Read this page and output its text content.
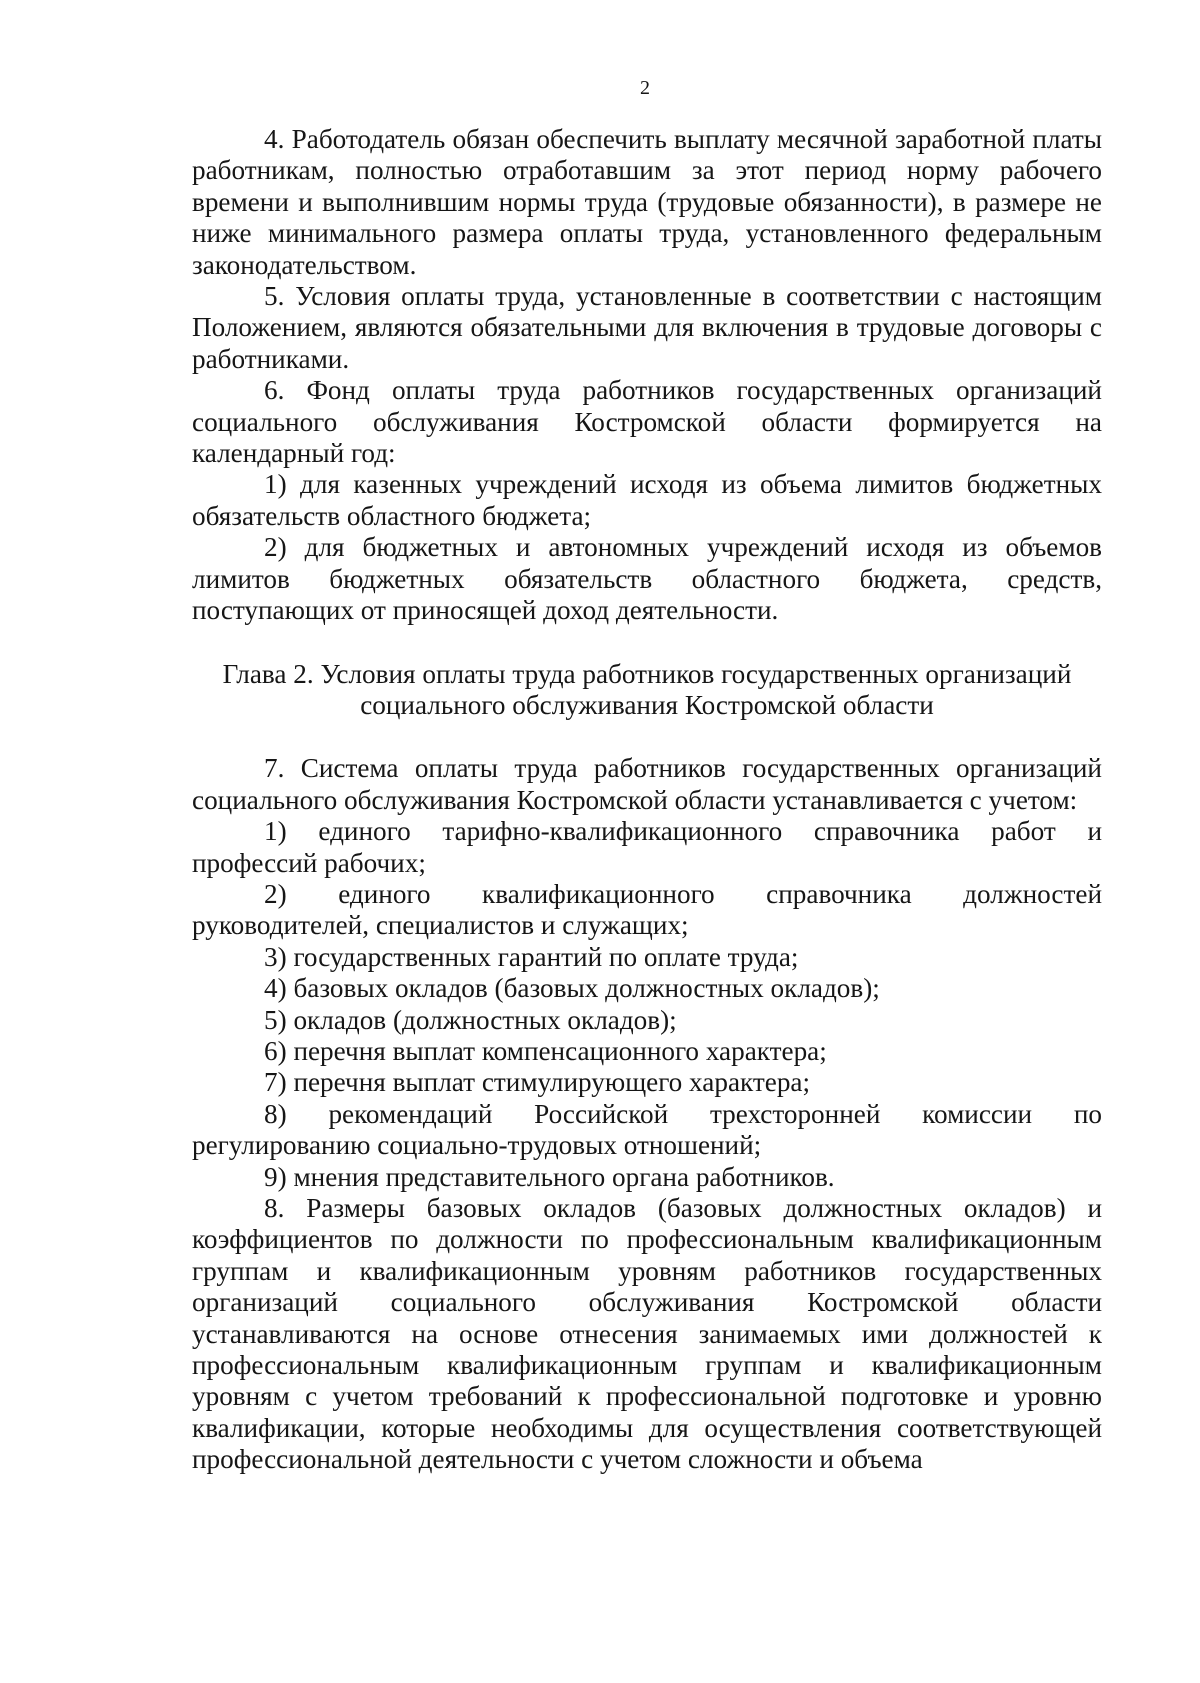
2

4. Работодатель обязан обеспечить выплату месячной заработной платы работникам, полностью отработавшим за этот период норму рабочего времени и выполнившим нормы труда (трудовые обязанности), в размере не ниже минимального размера оплаты труда, установленного федеральным законодательством.

5. Условия оплаты труда, установленные в соответствии с настоящим Положением, являются обязательными для включения в трудовые договоры с работниками.

6. Фонд оплаты труда работников государственных организаций социального обслуживания Костромской области формируется на календарный год:

1) для казенных учреждений исходя из объема лимитов бюджетных обязательств областного бюджета;

2) для бюджетных и автономных учреждений исходя из объемов лимитов бюджетных обязательств областного бюджета, средств, поступающих от приносящей доход деятельности.

Глава 2. Условия оплаты труда работников государственных организаций
социального обслуживания Костромской области

7. Система оплаты труда работников государственных организаций социального обслуживания Костромской области устанавливается с учетом:

1) единого тарифно-квалификационного справочника работ и профессий рабочих;

2) единого квалификационного справочника должностей руководителей, специалистов и служащих;

3) государственных гарантий по оплате труда;

4) базовых окладов (базовых должностных окладов);

5) окладов (должностных окладов);

6) перечня выплат компенсационного характера;

7) перечня выплат стимулирующего характера;

8) рекомендаций Российской трехсторонней комиссии по регулированию социально-трудовых отношений;

9) мнения представительного органа работников.

8. Размеры базовых окладов (базовых должностных окладов) и коэффициентов по должности по профессиональным квалификационным группам и квалификационным уровням работников государственных организаций социального обслуживания Костромской области устанавливаются на основе отнесения занимаемых ими должностей к профессиональным квалификационным группам и квалификационным уровням с учетом требований к профессиональной подготовке и уровню квалификации, которые необходимы для осуществления соответствующей профессиональной деятельности с учетом сложности и объема
